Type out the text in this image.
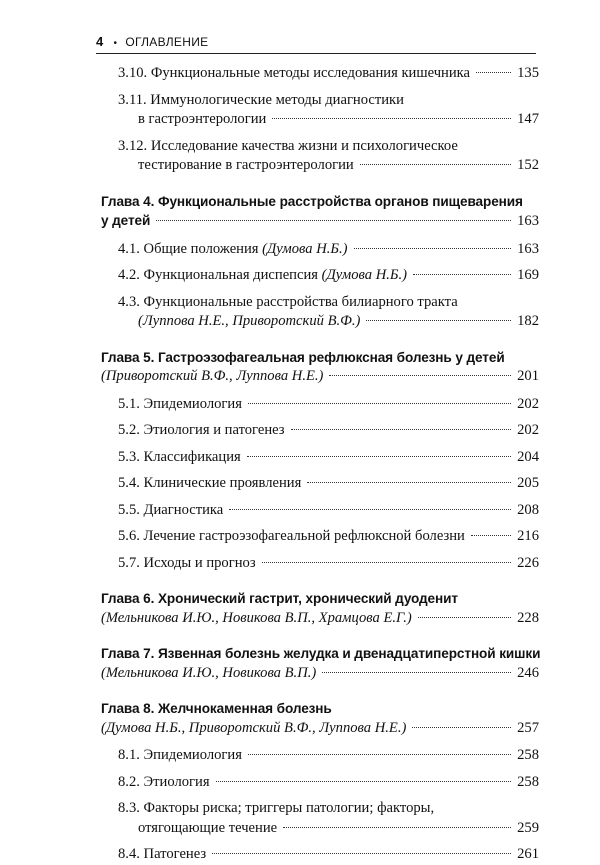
4 • ОГЛАВЛЕНИЕ
3.10. Функциональные методы исследования кишечника	135
3.11. Иммунологические методы диагностики
в гастроэнтерологии	147
3.12. Исследование качества жизни и психологическое
тестирование в гастроэнтерологии	152
Глава 4. Функциональные расстройства органов пищеварения
у детей	163
4.1. Общие положения (Думова Н.Б.)	163
4.2. Функциональная диспепсия (Думова Н.Б.)	169
4.3. Функциональные расстройства билиарного тракта
(Луппова Н.Е., Приворотский В.Ф.)	182
Глава 5. Гастроэзофагеальная рефлюксная болезнь у детей
(Приворотский В.Ф., Луппова Н.Е.)	201
5.1. Эпидемиология	202
5.2. Этиология и патогенез	202
5.3. Классификация	204
5.4. Клинические проявления	205
5.5. Диагностика	208
5.6. Лечение гастроэзофагеальной рефлюксной болезни	216
5.7. Исходы и прогноз	226
Глава 6. Хронический гастрит, хронический дуоденит
(Мельникова И.Ю., Новикова В.П., Храмцова Е.Г.)	228
Глава 7. Язвенная болезнь желудка и двенадцатиперстной кишки
(Мельникова И.Ю., Новикова В.П.)	246
Глава 8. Желчнокаменная болезнь
(Думова Н.Б., Приворотский В.Ф., Луппова Н.Е.)	257
8.1. Эпидемиология	258
8.2. Этиология	258
8.3. Факторы риска; триггеры патологии; факторы,
отягощающие течение	259
8.4. Патогенез	261
